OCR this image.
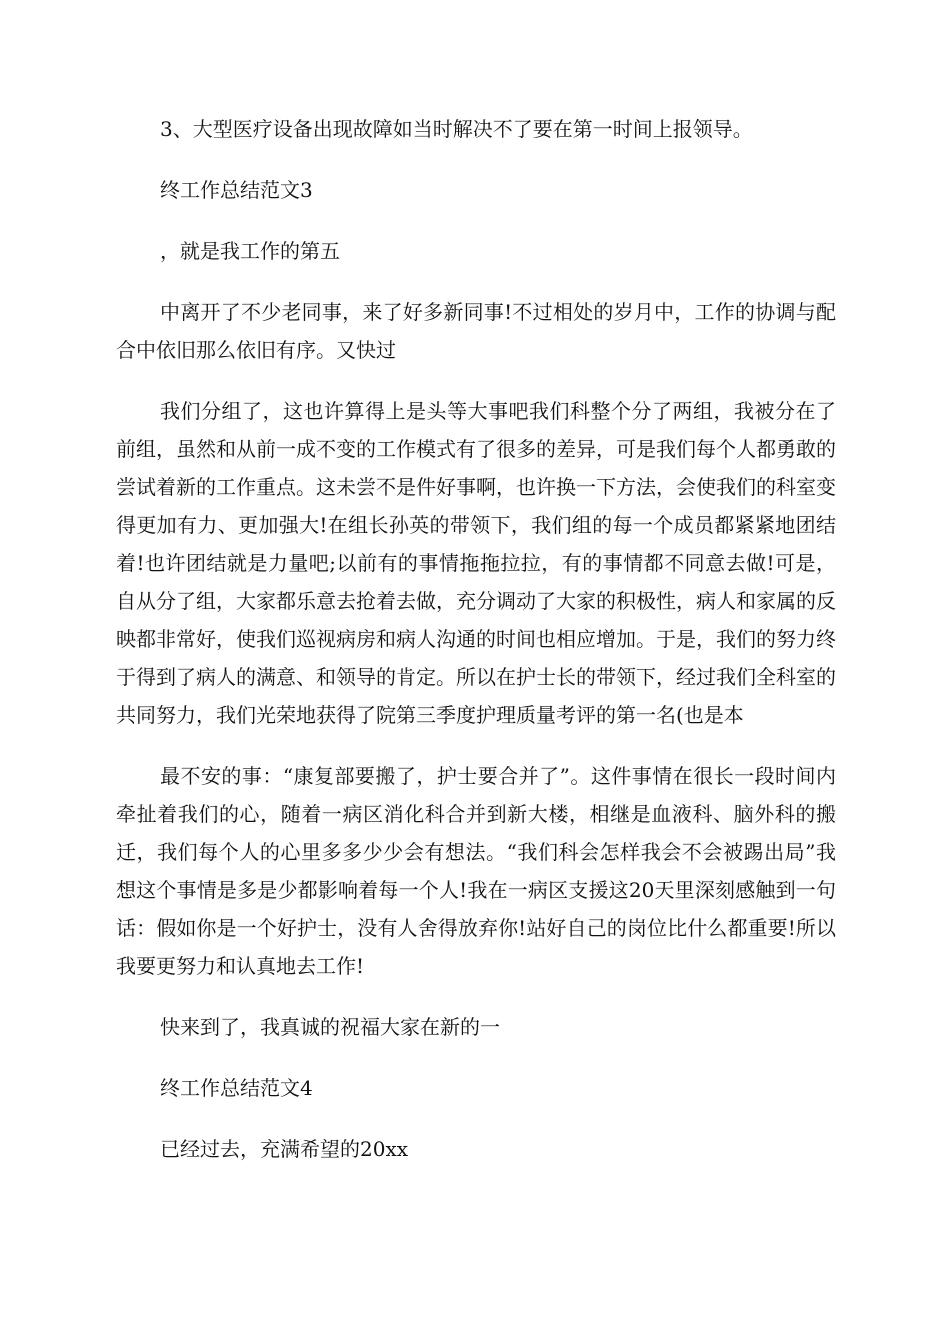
3、大型医疗设备出现故障如当时解决不了要在第一时间上报领导。

终工作总结范文3

，就是我工作的第五

中离开了不少老同事，来了好多新同事!不过相处的岁月中，工作的协调与配合中依旧那么依旧有序。又快过

我们分组了，这也许算得上是头等大事吧我们科整个分了两组，我被分在了前组，虽然和从前一成不变的工作模式有了很多的差异，可是我们每个人都勇敢的尝试着新的工作重点。这未尝不是件好事啊，也许换一下方法，会使我们的科室变得更加有力、更加强大!在组长孙英的带领下，我们组的每一个成员都紧紧地团结着!也许团结就是力量吧;以前有的事情拖拖拉拉，有的事情都不同意去做!可是，自从分了组，大家都乐意去抢着去做，充分调动了大家的积极性，病人和家属的反映都非常好，使我们巡视病房和病人沟通的时间也相应增加。于是，我们的努力终于得到了病人的满意、和领导的肯定。所以在护士长的带领下，经过我们全科室的共同努力，我们光荣地获得了院第三季度护理质量考评的第一名(也是本

最不安的事：“康复部要搬了，护士要合并了”。这件事情在很长一段时间内牵扯着我们的心，随着一病区消化科合并到新大楼，相继是血液科、脑外科的搬迁，我们每个人的心里多多少少会有想法。“我们科会怎样我会不会被踢出局”我想这个事情是多是少都影响着每一个人!我在一病区支援这20天里深刻感触到一句话：假如你是一个好护士，没有人舍得放弃你!站好自己的岗位比什么都重要!所以我要更努力和认真地去工作!

快来到了，我真诚的祝福大家在新的一

终工作总结范文4

已经过去，充满希望的20xx
